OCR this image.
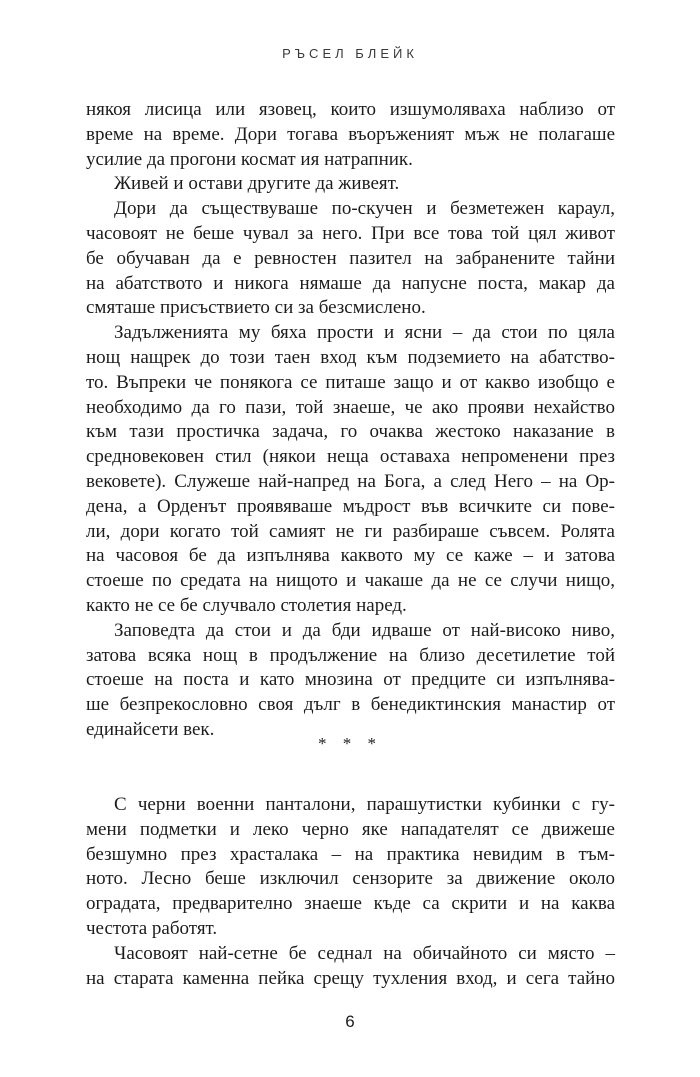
РЪСЕЛ БЛЕЙК

някоя лисица или язовец, които изшумоляваха наблизо от
време на време. Дори тогава въоръженият мъж не полагаше
усилие да прогони космат ия натрапник.
Живей и остави другите да живеят.
Дори да съществуваше по-скучен и безметежен караул,
часовоят не беше чувал за него. При все това той цял живот
бе обучаван да е ревностен пазител на забранените тайни
на абатството и никога нямаше да напусне поста, макар да
смяташе присъствието си за безсмислено.
Задълженията му бяха прости и ясни – да стои по цяла
нощ нащрек до този таен вход към подземието на абатство-
то. Въпреки че понякога се питаше защо и от какво изобщо е
необходимо да го пази, той знаеше, че ако прояви нехайство
към тази простичка задача, го очаква жестоко наказание в
средновековен стил (някои неща оставаха непроменени през
вековете). Служеше най-напред на Бога, а след Него – на Ор-
дена, а Орденът проявяваше мъдрост във всичките си пове-
ли, дори когато той самият не ги разбираше съвсем. Ролята
на часовоя бе да изпълнява каквото му се каже – и затова
стоеше по средата на нищото и чакаше да не се случи нищо,
както не се бе случвало столетия наред.
Заповедта да стои и да бди идваше от най-високо ниво,
затова всяка нощ в продължение на близо десетилетие той
стоеше на поста и като мнозина от предците си изпълнява-
ше безпрекословно своя дълг в бенедиктинския манастир от
единайсети век.

* * *

С черни военни панталони, парашутистки кубинки с гу-
мени подметки и леко черно яке нападателят се движеше
безшумно през храсталака – на практика невидим в тъм-
ното. Лесно беше изключил сензорите за движение около
оградата, предварително знаеше къде са скрити и на каква
честота работят.
Часовоят най-сетне бе седнал на обичайното си място –
на старата каменна пейка срещу тухления вход, и сега тайно

6
